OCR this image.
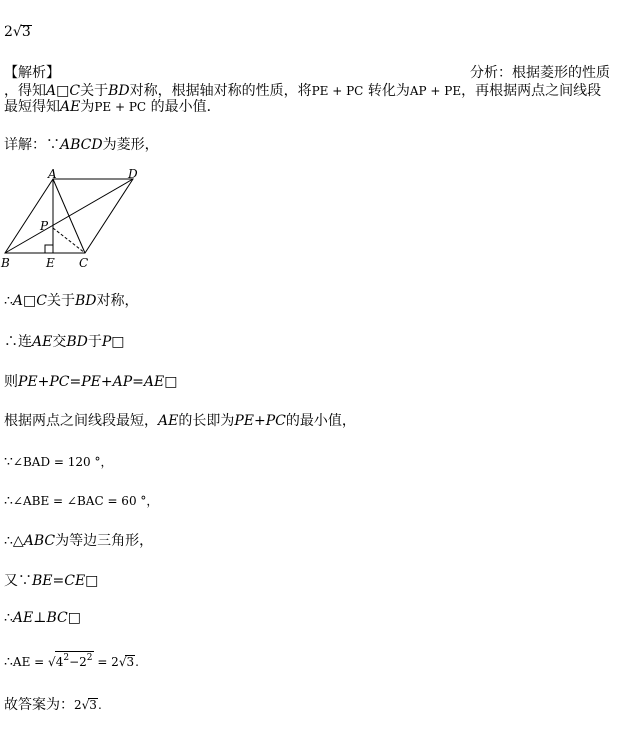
2√3
【解析】	分析：根据菱形的性质
，得知A□C关于BD对称，根据轴对称的性质，将PE + PC 转化为AP + PE，再根据两点之间线段
最短得知AE为PE + PC 的最小值．
详解：∵ABCD为菱形，
A	D
P
B	E C
∴A□C关于BD对称，
∴连AE交BD于P□
则PE+PC=PE+AP=AE□
根据两点之间线段最短，AE的长即为PE+PC的最小值，
∵∠BAD = 120 °，
∴∠ABE = ∠BAC = 60 °，
∴△ABC为等边三角形，
又∵BE=CE□
∴AE⊥BC□
∴AE = $√4^2-2^2 = 2√3$.
故答案为：2√3.
